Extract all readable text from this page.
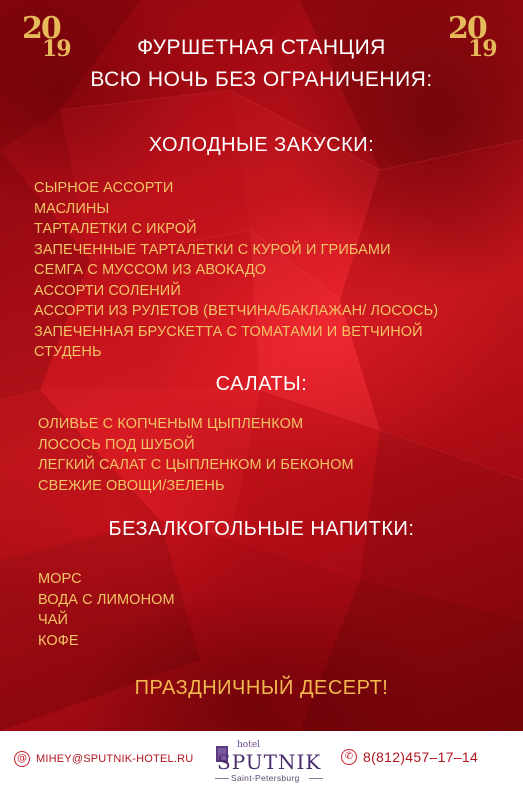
20
19
20
19
ФУРШЕТНАЯ СТАНЦИЯ
ВСЮ НОЧЬ БЕЗ ОГРАНИЧЕНИЯ:
ХОЛОДНЫЕ ЗАКУСКИ:
СЫРНОЕ АССОРТИ
МАСЛИНЫ
ТАРТАЛЕТКИ С ИКРОЙ
ЗАПЕЧЕННЫЕ ТАРТАЛЕТКИ С КУРОЙ И ГРИБАМИ
СЕМГА С МУССОМ ИЗ АВОКАДО
АССОРТИ СОЛЕНИЙ
АССОРТИ ИЗ РУЛЕТОВ (ВЕТЧИНА/БАКЛАЖАН/ ЛОСОСЬ)
ЗАПЕЧЕННАЯ БРУСКЕТТА С ТОМАТАМИ И ВЕТЧИНОЙ
СТУДЕНЬ
САЛАТЫ:
ОЛИВЬЕ С КОПЧЕНЫМ ЦЫПЛЕНКОМ
ЛОСОСЬ ПОД ШУБОЙ
ЛЕГКИЙ САЛАТ С ЦЫПЛЕНКОМ И БЕКОНОМ
СВЕЖИЕ ОВОЩИ/ЗЕЛЕНЬ
БЕЗАЛКОГОЛЬНЫЕ НАПИТКИ:
МОРС
ВОДА С ЛИМОНОМ
ЧАЙ
КОФЕ
ПРАЗДНИЧНЫЙ ДЕСЕРТ!
@ MIHEY@SPUTNIK-HOTEL.RU	✆ 8(812)457–17–14
hotel
SPUTNIK
Saint-Petersburg
